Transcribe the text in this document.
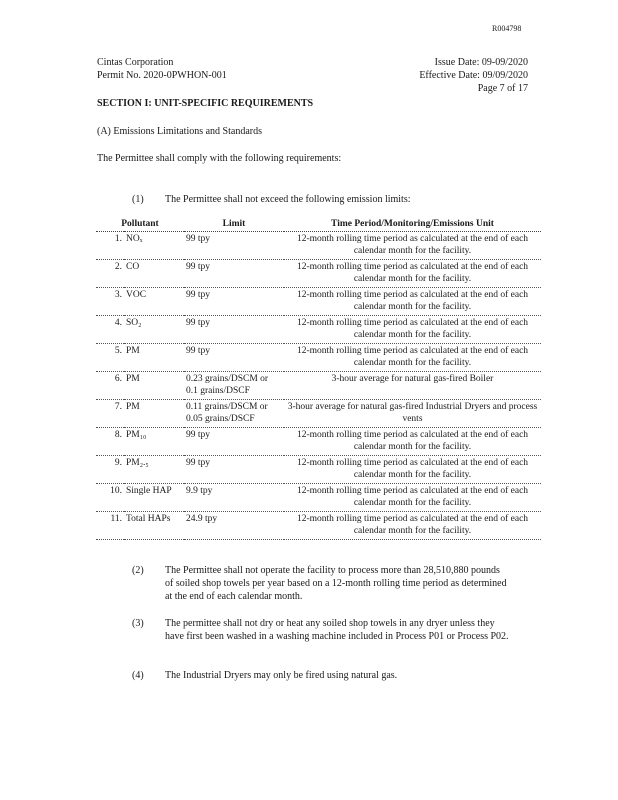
R004798
Cintas Corporation
Permit No. 2020-0PWHON-001
Issue Date: 09-09/2020
Effective Date: 09/09/2020
Page 7 of 17
SECTION I: UNIT-SPECIFIC REQUIREMENTS
(A) Emissions Limitations and Standards
The Permittee shall comply with the following requirements:
(1) The Permittee shall not exceed the following emission limits:
Pollutant		Limit	Time Period/Monitoring/Emissions Unit
1.	NOₓ	99 tpy	12-month rolling time period as calculated at the end of each calendar month for the facility.
2.	CO	99 tpy	12-month rolling time period as calculated at the end of each calendar month for the facility.
3.	VOC	99 tpy	12-month rolling time period as calculated at the end of each calendar month for the facility.
4.	SO₂	99 tpy	12-month rolling time period as calculated at the end of each calendar month for the facility.
5.	PM	99 tpy	12-month rolling time period as calculated at the end of each calendar month for the facility.
6.	PM	0.23 grains/DSCM or 0.1 grains/DSCF	3-hour average for natural gas-fired Boiler
7.	PM	0.11 grains/DSCM or 0.05 grains/DSCF	3-hour average for natural gas-fired Industrial Dryers and process vents
8.	PM₁₀	99 tpy	12-month rolling time period as calculated at the end of each calendar month for the facility.
9.	PM₂.₅	99 tpy	12-month rolling time period as calculated at the end of each calendar month for the facility.
10.	Single HAP	9.9 tpy	12-month rolling time period as calculated at the end of each calendar month for the facility.
11.	Total HAPs	24.9 tpy	12-month rolling time period as calculated at the end of each calendar month for the facility.
(2) The Permittee shall not operate the facility to process more than 28,510,880 pounds of soiled shop towels per year based on a 12-month rolling time period as determined at the end of each calendar month.
(3) The permittee shall not dry or heat any soiled shop towels in any dryer unless they have first been washed in a washing machine included in Process P01 or Process P02.
(4) The Industrial Dryers may only be fired using natural gas.
